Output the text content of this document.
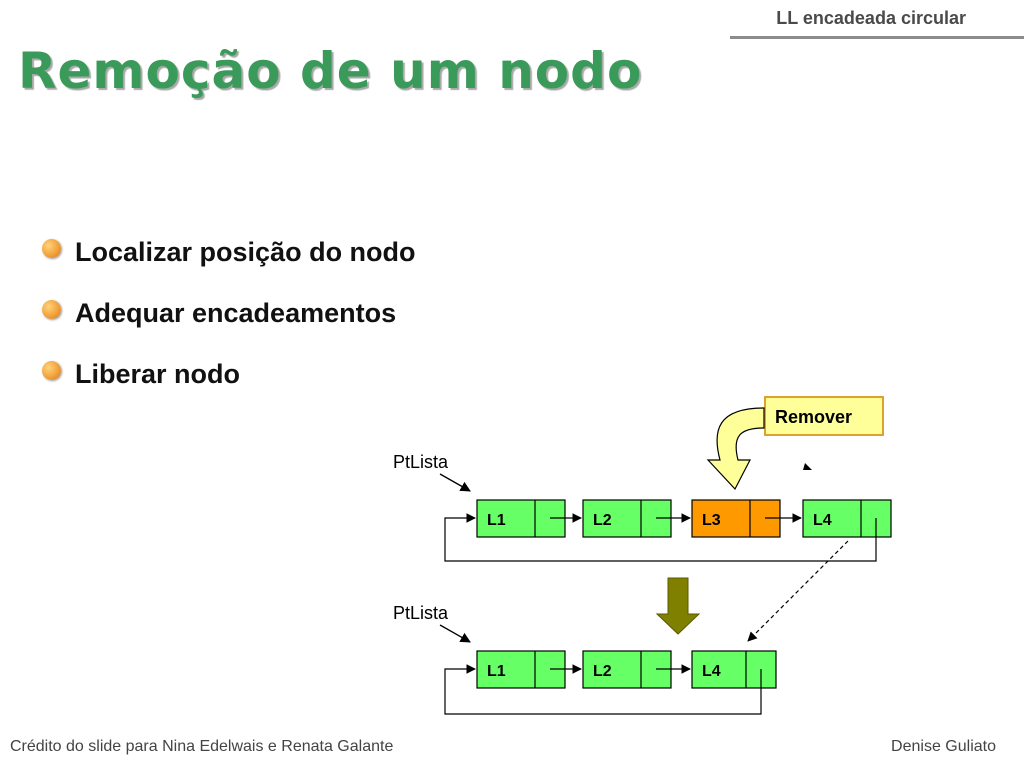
LL encadeada circular
Remoção de um nodo
Localizar posição do nodo
Adequar encadeamentos
Liberar nodo
Remover
PtLista
L1	L2	L3	L4
PtLista
L1	L2	L4
Crédito do slide para Nina Edelwais e Renata Galante	Denise Guliato
